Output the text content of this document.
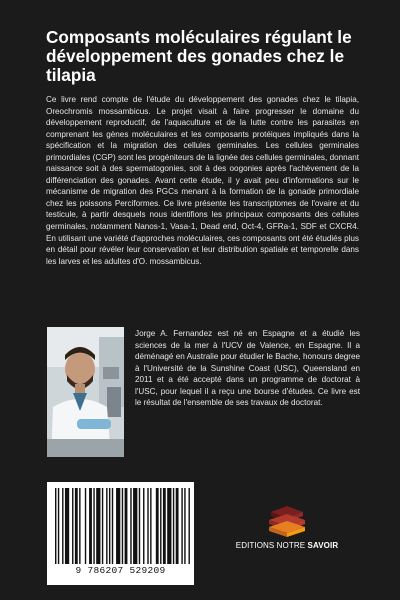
Composants moléculaires régulant le développement des gonades chez le tilapia

Ce livre rend compte de l'étude du développement des gonades chez le tilapia, Oreochromis mossambicus. Le projet visait à faire progresser le domaine du développement reproductif, de l'aquaculture et de la lutte contre les parasites en comprenant les gènes moléculaires et les composants protéiques impliqués dans la spécification et la migration des cellules germinales. Les cellules germinales primordiales (CGP) sont les progéniteurs de la lignée des cellules germinales, donnant naissance soit à des spermatogonies, soit à des oogonies après l'achèvement de la différenciation des gonades. Avant cette étude, il y avait peu d'informations sur le mécanisme de migration des PGCs menant à la formation de la gonade primordiale chez les poissons Perciformes. Ce livre présente les transcriptomes de l'ovaire et du testicule, à partir desquels nous identifions les principaux composants des cellules germinales, notamment Nanos-1, Vasa-1, Dead end, Oct-4, GFRa-1, SDF et CXCR4. En utilisant une variété d'approches moléculaires, ces composants ont été étudiés plus en détail pour révéler leur conservation et leur distribution spatiale et temporelle dans les larves et les adultes d'O. mossambicus.

Jorge A. Fernandez est né en Espagne et a étudié les sciences de la mer à l'UCV de Valence, en Espagne. Il a déménagé en Australie pour étudier le Bache, honours degree à l'Université de la Sunshine Coast (USC), Queensland en 2011 et a été accepté dans un programme de doctorat à l'USC, pour lequel il a reçu une bourse d'études. Ce livre est le résultat de l'ensemble de ses travaux de doctorat.

9 786207 529209
EDITIONS NOTRE SAVOIR
